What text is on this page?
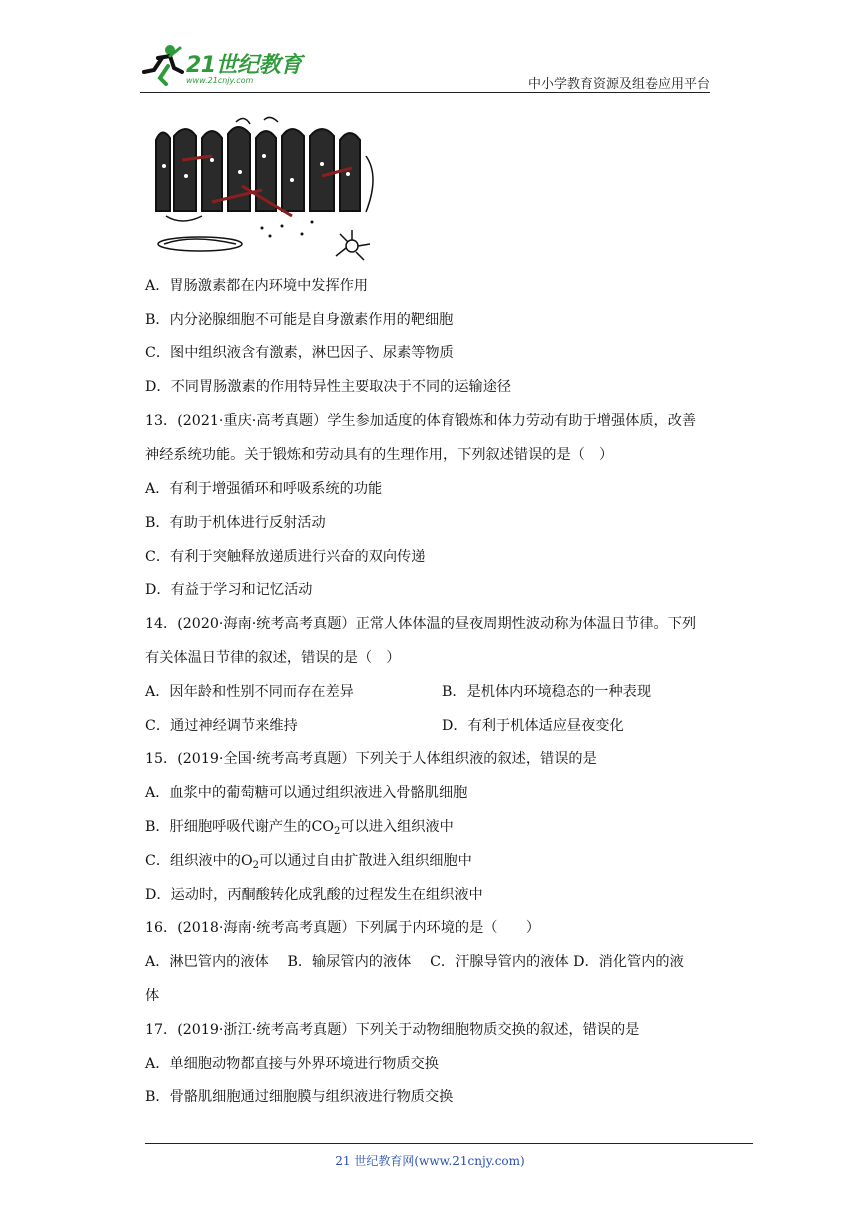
21世纪教育
www.21cnjy.com	中小学教育资源及组卷应用平台
A．胃肠激素都在内环境中发挥作用
B．内分泌腺细胞不可能是自身激素作用的靶细胞
C．图中组织液含有激素，淋巴因子、尿素等物质
D．不同胃肠激素的作用特异性主要取决于不同的运输途径
13．(2021·重庆·高考真题）学生参加适度的体育锻炼和体力劳动有助于增强体质，改善
神经系统功能。关于锻炼和劳动具有的生理作用，下列叙述错误的是（　）
A．有利于增强循环和呼吸系统的功能
B．有助于机体进行反射活动
C．有利于突触释放递质进行兴奋的双向传递
D．有益于学习和记忆活动
14．(2020·海南·统考高考真题）正常人体体温的昼夜周期性波动称为体温日节律。下列
有关体温日节律的叙述，错误的是（　）
A．因年龄和性别不同而存在差异	B．是机体内环境稳态的一种表现
C．通过神经调节来维持	D．有利于机体适应昼夜变化
15．(2019·全国·统考高考真题）下列关于人体组织液的叙述，错误的是
A．血浆中的葡萄糖可以通过组织液进入骨骼肌细胞
B．肝细胞呼吸代谢产生的$CO_2$可以进入组织液中
C．组织液中的$O_2$可以通过自由扩散进入组织细胞中
D．运动时，丙酮酸转化成乳酸的过程发生在组织液中
16．(2018·海南·统考高考真题）下列属于内环境的是（　　）
A．淋巴管内的液体　 B．输尿管内的液体　 C．汗腺导管内的液体 D．消化管内的液
体
17．(2019·浙江·统考高考真题）下列关于动物细胞物质交换的叙述，错误的是
A．单细胞动物都直接与外界环境进行物质交换
B．骨骼肌细胞通过细胞膜与组织液进行物质交换
21 世纪教育网(www.21cnjy.com)
